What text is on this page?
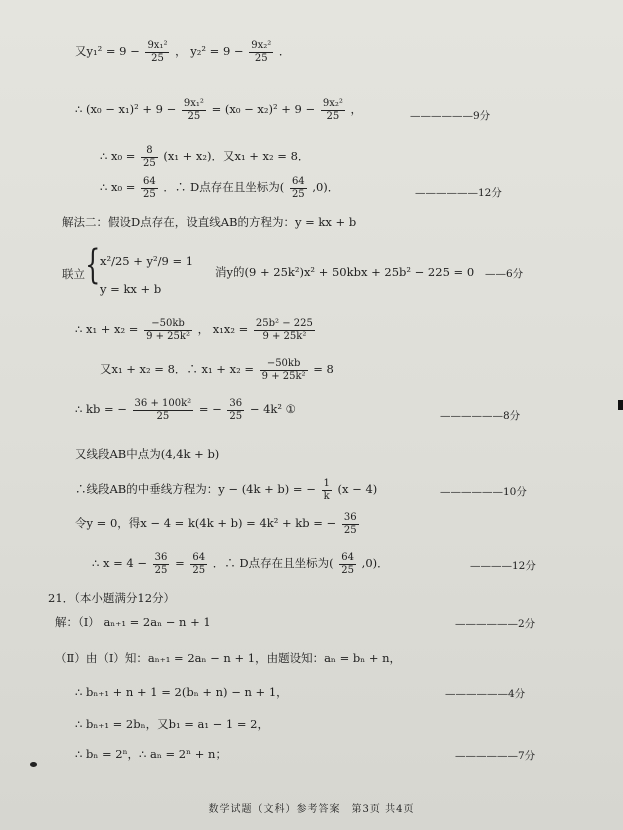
又$y_1^2 = 9 - \frac{\text{9x₁²}}{25}$ ， $y_2^2 = 9 - \frac{\text{9x₂²}}{25}$ ．
∴ $(x_0 - x_1)^2 + 9 - \frac{\text{9x₁²}}{25} = (x_0 - x_2)^2 + 9 - \frac{\text{9x₂²}}{25}$ ，	——————9分
∴ $x_0 = \frac{8}{25} (x_1 + x_2)$．又x₁ + x₂ = 8．
∴ $x_0 = \frac{64}{25}$ ．∴ D点存在且坐标为( $\frac{64}{25} ,0$)．	——————12分
解法二：假设D点存在，设直线AB的方程为：y = kx + b
联立 { x²/25 + y²/9 = 1
y = kx + b
消y的(9 + 25k²)x² + 50kbx + 25b² − 225 = 0 ——6分
∴ $x_1 + x_2 = \frac{-50kb}{\text{9 + 25k²}}$ ， $x_1x_2 = \frac{\text{25b² − 225}}{\text{9 + 25k²}}$
又x₁ + x₂ = 8．∴ $x_1 + x_2 = \frac{-50kb}{\text{9 + 25k²}} = 8$
∴ kb = − $\frac{\text{36 + 100k²}}{25}$ = − $\frac{36}{25} - 4k^2$ ①	——————8分
又线段AB中点为(4,4k + b)
∴线段AB的中垂线方程为：y − (4k + b) = − $\frac{1}{k} (x - 4)$	——————10分
令y = 0，得x − 4 = k(4k + b) = 4k² + kb = − $\frac{36}{25}$
∴ $x = 4 - \frac{36}{25} = \frac{64}{25}$ ．∴ D点存在且坐标为( $\frac{64}{25} ,0$)．	————12分
21．（本小题满分12分）
解：（Ⅰ） aₙ₊₁ = 2aₙ − n + 1	——————2分
（Ⅱ）由（Ⅰ）知：aₙ₊₁ = 2aₙ − n + 1，由题设知：aₙ = bₙ + n，
∴ bₙ₊₁ + n + 1 = 2(bₙ + n) − n + 1，	——————4分
∴ bₙ₊₁ = 2bₙ，又b₁ = a₁ − 1 = 2，
∴ bₙ = 2ⁿ，∴ aₙ = 2ⁿ + n；	——————7分
数学试题（文科）参考答案　第3页 共4页
